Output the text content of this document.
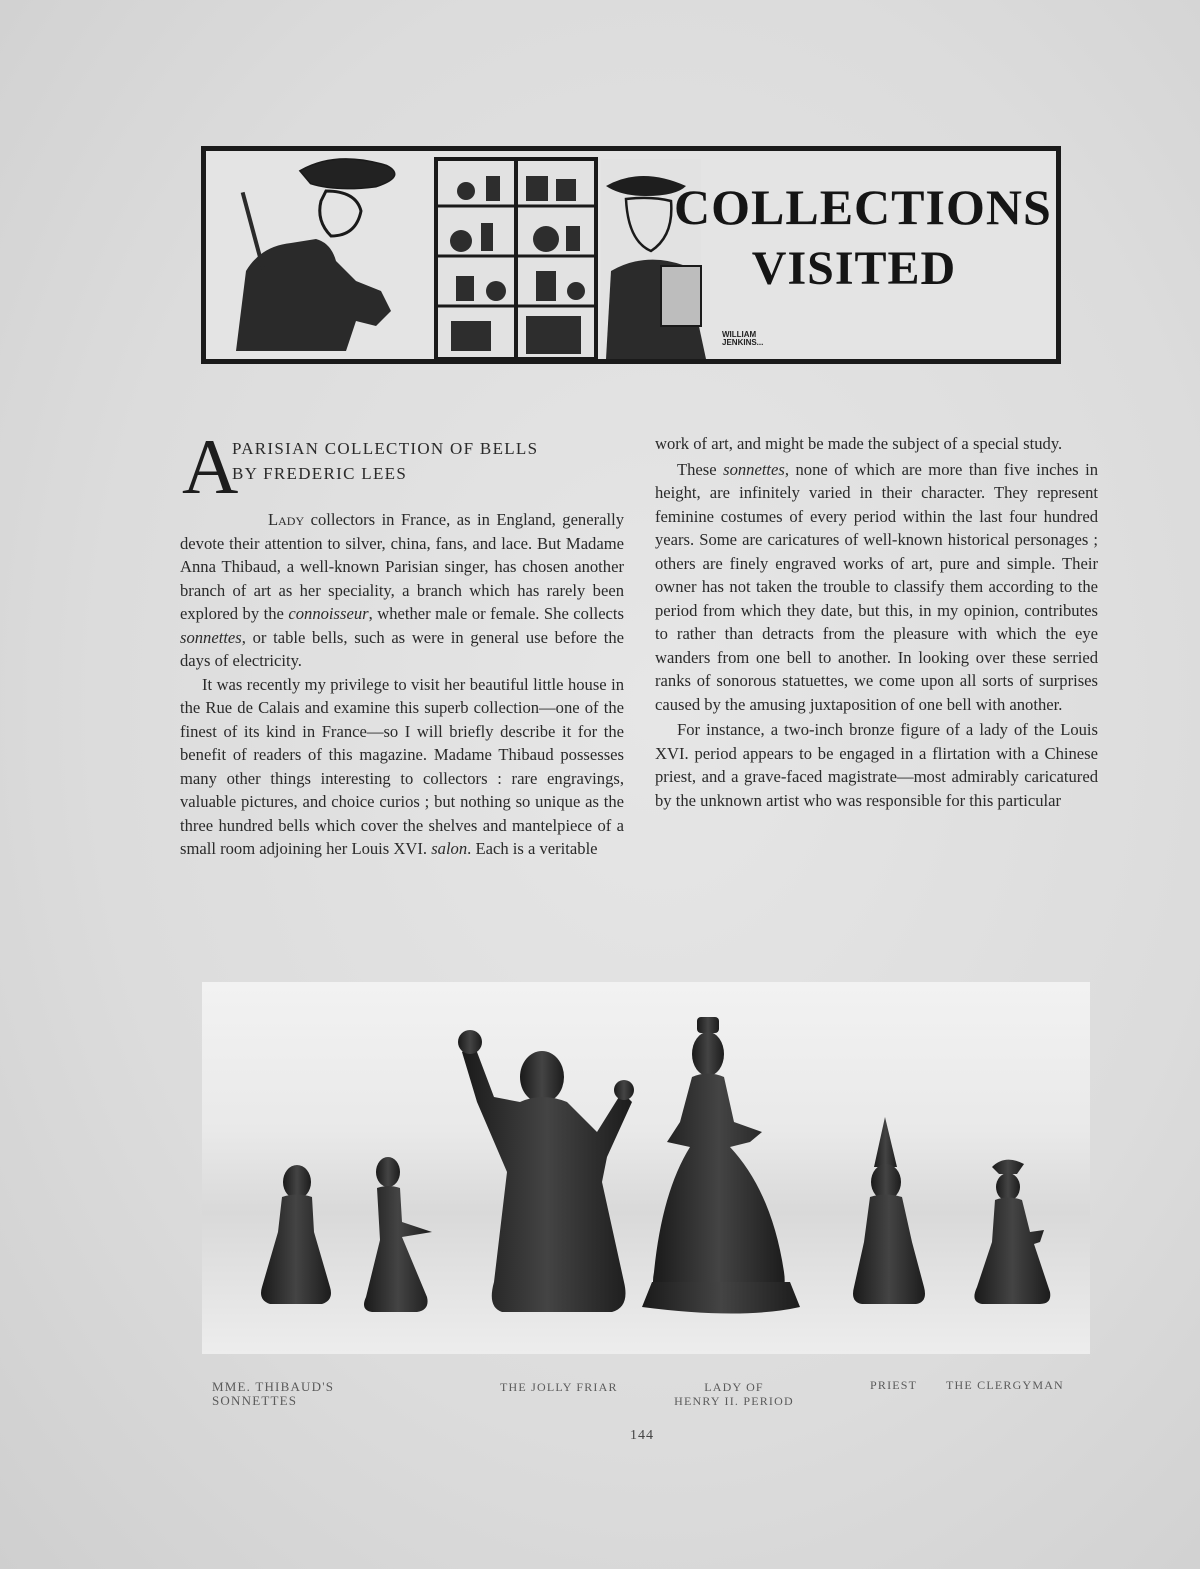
COLLECTIONS
VISITED
WILLIAM
JENKINS...
A
PARISIAN COLLECTION OF BELLS
BY FREDERIC LEES

Lady collectors in France, as in England, generally devote their attention to silver, china, fans, and lace. But Madame Anna Thibaud, a well-known Parisian singer, has chosen another branch of art as her speciality, a branch which has rarely been explored by the connoisseur, whether male or female. She collects sonnettes, or table bells, such as were in general use before the days of electricity.

It was recently my privilege to visit her beautiful little house in the Rue de Calais and examine this superb collection—one of the finest of its kind in France—so I will briefly describe it for the benefit of readers of this magazine. Madame Thibaud possesses many other things interesting to collectors : rare engravings, valuable pictures, and choice curios ; but nothing so unique as the three hundred bells which cover the shelves and mantelpiece of a small room adjoining her Louis XVI. salon. Each is a veritable

work of art, and might be made the subject of a special study.

These sonnettes, none of which are more than five inches in height, are infinitely varied in their character. They represent feminine costumes of every period within the last four hundred years. Some are caricatures of well-known historical personages ; others are finely engraved works of art, pure and simple. Their owner has not taken the trouble to classify them according to the period from which they date, but this, in my opinion, contributes to rather than detracts from the pleasure with which the eye wanders from one bell to another. In looking over these serried ranks of sonorous statuettes, we come upon all sorts of surprises caused by the amusing juxtaposition of one bell with another.

For instance, a two-inch bronze figure of a lady of the Louis XVI. period appears to be engaged in a flirtation with a Chinese priest, and a grave-faced magistrate—most admirably caricatured by the unknown artist who was responsible for this particular

MME. THIBAUD'S
SONNETTES
THE JOLLY FRIAR	LADY OF
HENRY II. PERIOD
PRIEST THE CLERGYMAN
144
